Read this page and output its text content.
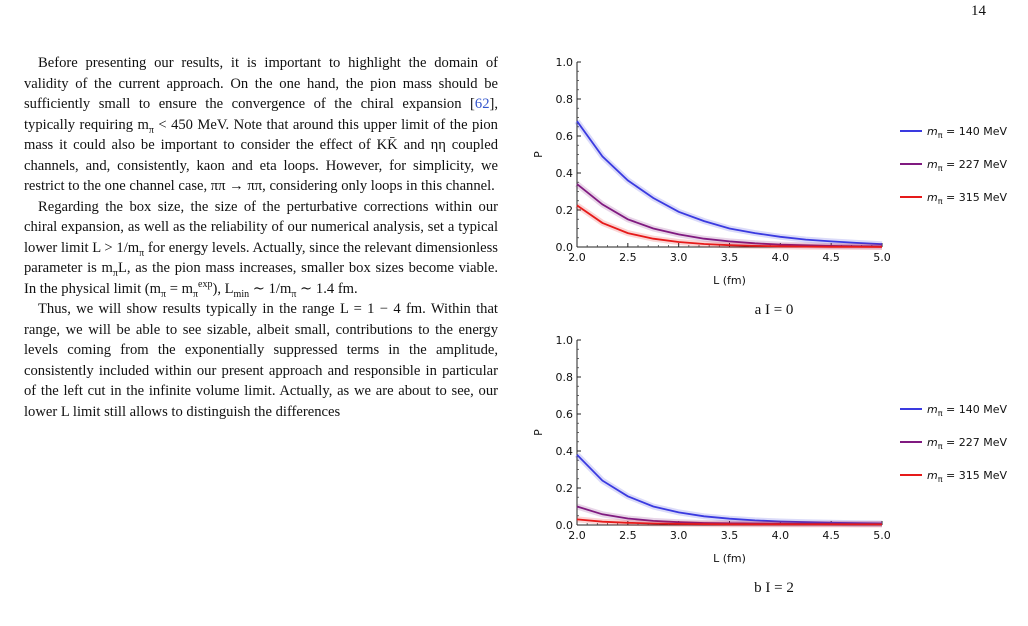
14

Before presenting our results, it is important to highlight the domain of validity of the current approach. On the one hand, the pion mass should be sufficiently small to ensure the convergence of the chiral expansion [62], typically requiring $m_\pi < 450$ MeV. Note that around this upper limit of the pion mass it could also be important to consider the effect of KK̄ and ηη coupled channels, and, consistently, kaon and eta loops. However, for simplicity, we restrict to the one channel case, ππ → ππ, considering only loops in this channel.

Regarding the box size, the size of the perturbative corrections within our chiral expansion, as well as the reliability of our numerical analysis, set a typical lower limit $L > 1/m_\pi$ for energy levels. Actually, since the relevant dimensionless parameter is $m_\pi L$, as the pion mass increases, smaller box sizes become viable. In the physical limit $(m_\pi = m_\pi^{exp})$, $L_{min}$ ∼ $1/m_\pi$ ∼ 1.4 fm.

Thus, we will show results typically in the range L = 1 − 4 fm. Within that range, we will be able to see sizable, albeit small, contributions to the energy levels coming from the exponentially suppressed terms in the amplitude, consistently included within our present approach and responsible in particular of the left cut in the infinite volume limit. Actually, as we are about to see, our lower L limit still allows to distinguish the differences

0.0
0.2
0.4
0.6
0.8
1.0
2.0	2.5	3.0	3.5	4.0	4.5	5.0
L (fm)
P
$m_\pi = 140$ MeV
$m_\pi = 227$ MeV
$m_\pi = 315$ MeV
a I = 0
0.0
0.2
0.4
0.6
0.8
1.0
2.0	2.5	3.0	3.5	4.0	4.5	5.0
L (fm)
P
$m_\pi = 140$ MeV
$m_\pi = 227$ MeV
$m_\pi = 315$ MeV
b I = 2
